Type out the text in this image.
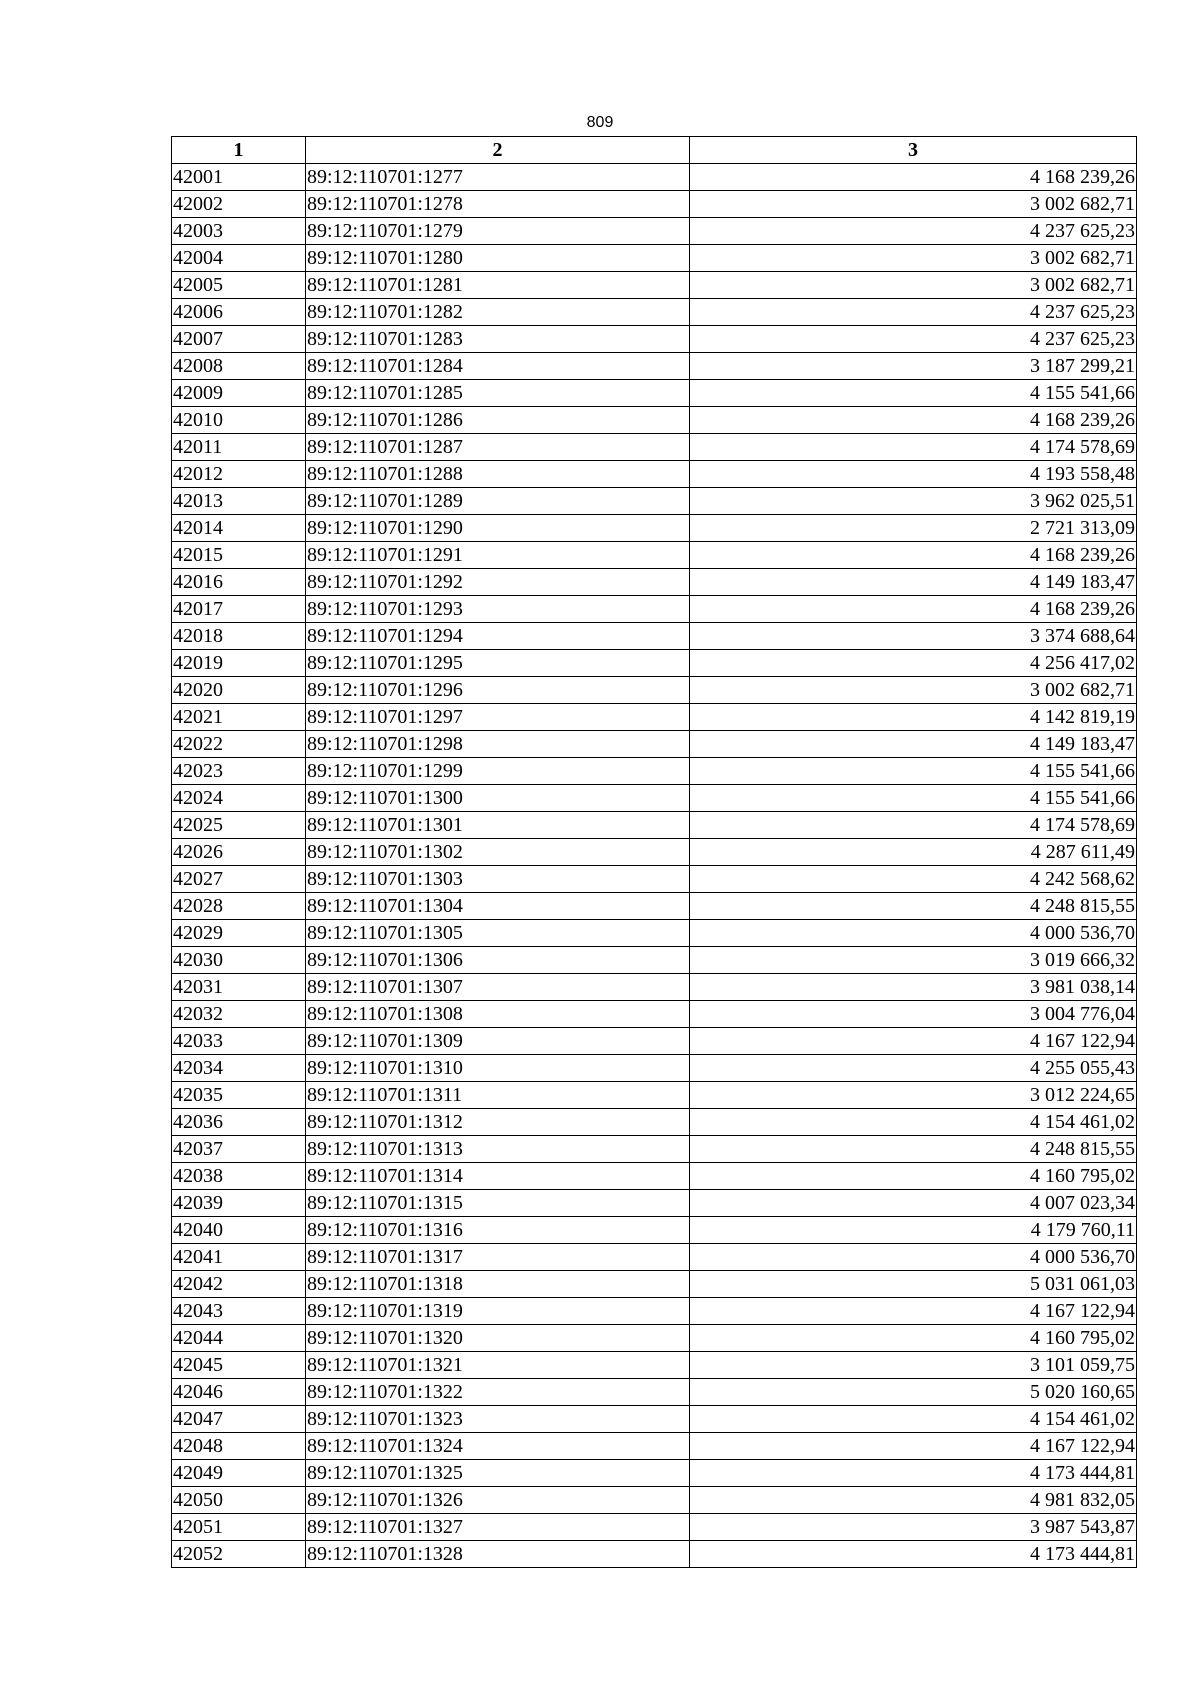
809
1	2	3
42001	89:12:110701:1277	4 168 239,26
42002	89:12:110701:1278	3 002 682,71
42003	89:12:110701:1279	4 237 625,23
42004	89:12:110701:1280	3 002 682,71
42005	89:12:110701:1281	3 002 682,71
42006	89:12:110701:1282	4 237 625,23
42007	89:12:110701:1283	4 237 625,23
42008	89:12:110701:1284	3 187 299,21
42009	89:12:110701:1285	4 155 541,66
42010	89:12:110701:1286	4 168 239,26
42011	89:12:110701:1287	4 174 578,69
42012	89:12:110701:1288	4 193 558,48
42013	89:12:110701:1289	3 962 025,51
42014	89:12:110701:1290	2 721 313,09
42015	89:12:110701:1291	4 168 239,26
42016	89:12:110701:1292	4 149 183,47
42017	89:12:110701:1293	4 168 239,26
42018	89:12:110701:1294	3 374 688,64
42019	89:12:110701:1295	4 256 417,02
42020	89:12:110701:1296	3 002 682,71
42021	89:12:110701:1297	4 142 819,19
42022	89:12:110701:1298	4 149 183,47
42023	89:12:110701:1299	4 155 541,66
42024	89:12:110701:1300	4 155 541,66
42025	89:12:110701:1301	4 174 578,69
42026	89:12:110701:1302	4 287 611,49
42027	89:12:110701:1303	4 242 568,62
42028	89:12:110701:1304	4 248 815,55
42029	89:12:110701:1305	4 000 536,70
42030	89:12:110701:1306	3 019 666,32
42031	89:12:110701:1307	3 981 038,14
42032	89:12:110701:1308	3 004 776,04
42033	89:12:110701:1309	4 167 122,94
42034	89:12:110701:1310	4 255 055,43
42035	89:12:110701:1311	3 012 224,65
42036	89:12:110701:1312	4 154 461,02
42037	89:12:110701:1313	4 248 815,55
42038	89:12:110701:1314	4 160 795,02
42039	89:12:110701:1315	4 007 023,34
42040	89:12:110701:1316	4 179 760,11
42041	89:12:110701:1317	4 000 536,70
42042	89:12:110701:1318	5 031 061,03
42043	89:12:110701:1319	4 167 122,94
42044	89:12:110701:1320	4 160 795,02
42045	89:12:110701:1321	3 101 059,75
42046	89:12:110701:1322	5 020 160,65
42047	89:12:110701:1323	4 154 461,02
42048	89:12:110701:1324	4 167 122,94
42049	89:12:110701:1325	4 173 444,81
42050	89:12:110701:1326	4 981 832,05
42051	89:12:110701:1327	3 987 543,87
42052	89:12:110701:1328	4 173 444,81
